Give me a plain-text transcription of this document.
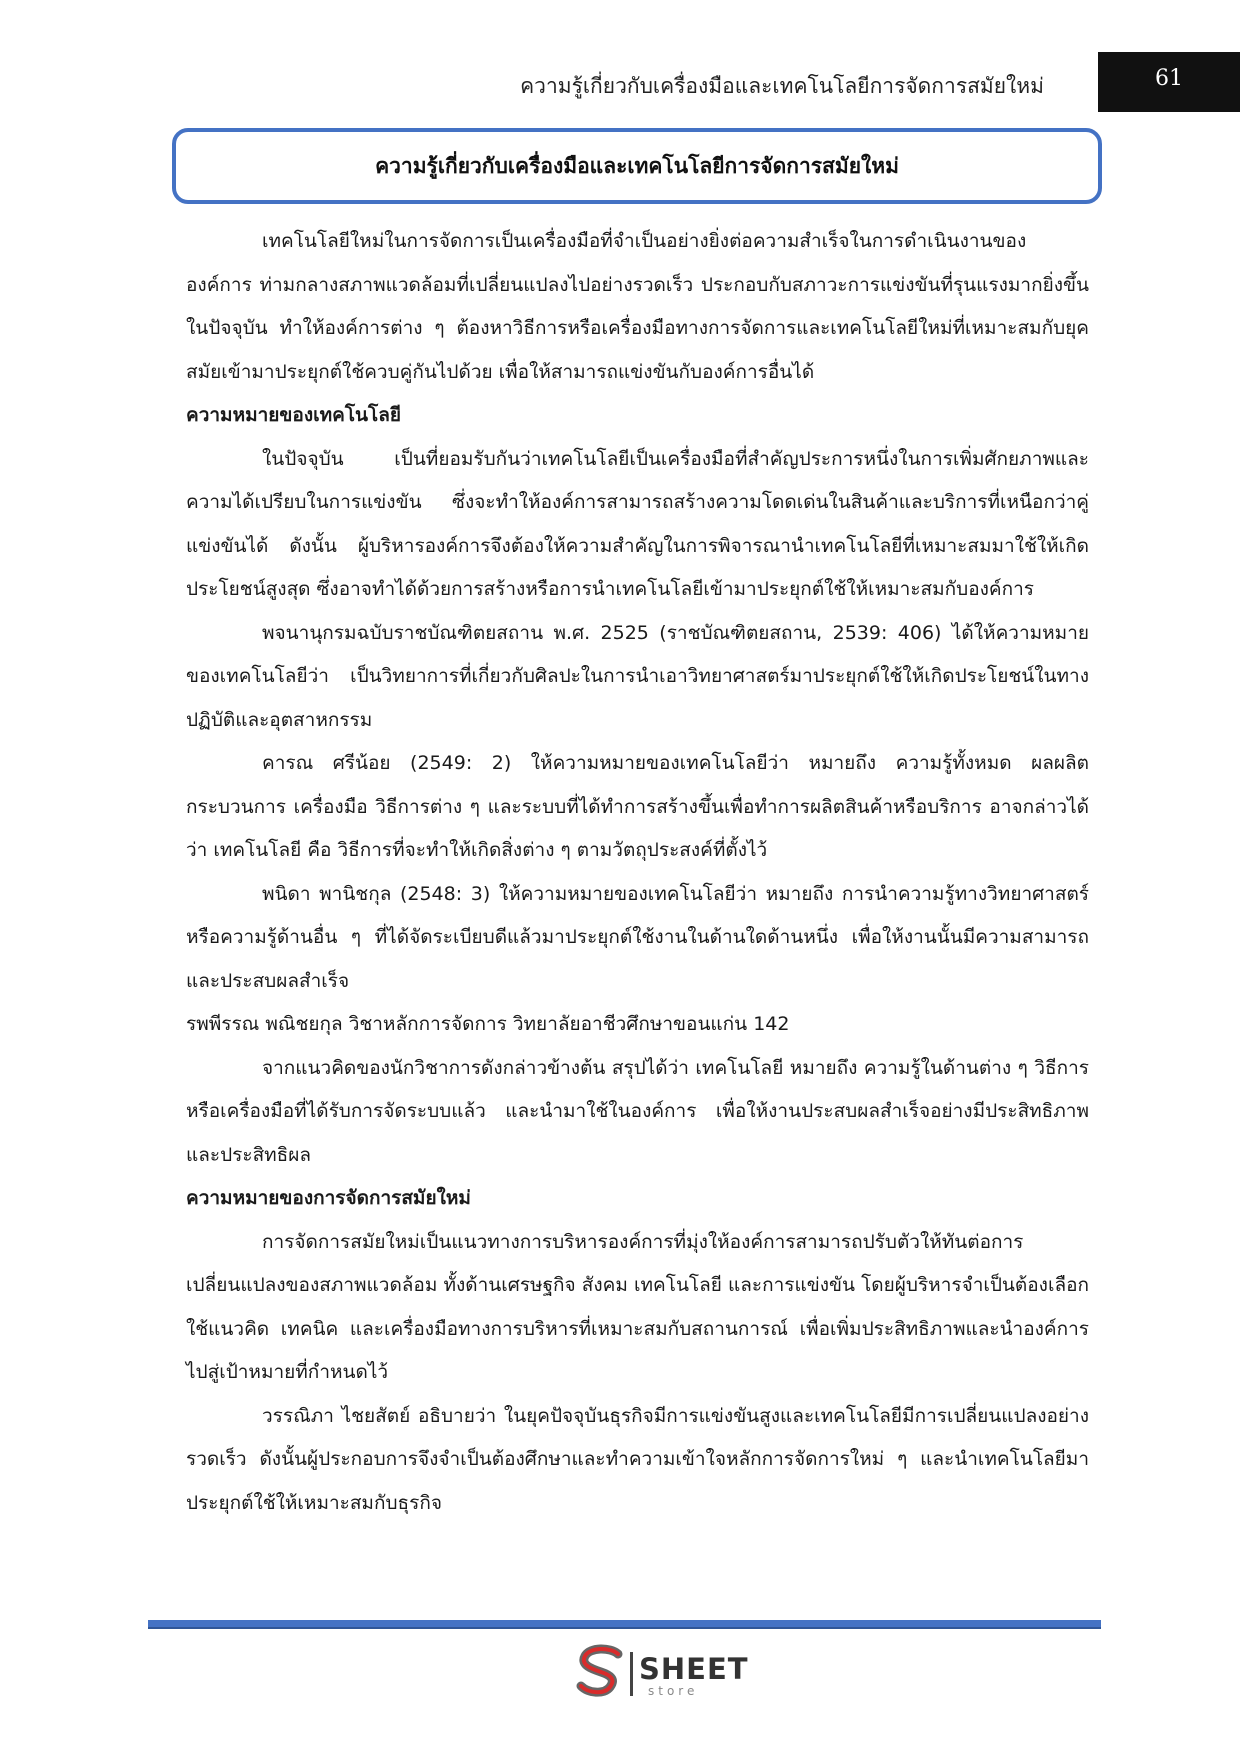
ความรู้เกี่ยวกับเครื่องมือและเทคโนโลยีการจัดการสมัยใหม่	61
ความรู้เกี่ยวกับเครื่องมือและเทคโนโลยีการจัดการสมัยใหม่

เทคโนโลยีใหม่ในการจัดการเป็นเครื่องมือที่จำเป็นอย่างยิ่งต่อความสำเร็จในการดำเนินงานขององค์การ ท่ามกลางสภาพแวดล้อมที่เปลี่ยนแปลงไปอย่างรวดเร็ว ประกอบกับสภาวะการแข่งขันที่รุนแรงมากยิ่งขึ้นในปัจจุบัน ทำให้องค์การต่าง ๆ ต้องหาวิธีการหรือเครื่องมือทางการจัดการและเทคโนโลยีใหม่ที่เหมาะสมกับยุคสมัยเข้ามาประยุกต์ใช้ควบคู่กันไปด้วย เพื่อให้สามารถแข่งขันกับองค์การอื่นได้

ความหมายของเทคโนโลยี

ในปัจจุบัน เป็นที่ยอมรับกันว่าเทคโนโลยีเป็นเครื่องมือที่สำคัญประการหนึ่งในการเพิ่มศักยภาพและความได้เปรียบในการแข่งขัน ซึ่งจะทำให้องค์การสามารถสร้างความโดดเด่นในสินค้าและบริการที่เหนือกว่าคู่แข่งขันได้ ดังนั้น ผู้บริหารองค์การจึงต้องให้ความสำคัญในการพิจารณานำเทคโนโลยีที่เหมาะสมมาใช้ให้เกิดประโยชน์สูงสุด ซึ่งอาจทำได้ด้วยการสร้างหรือการนำเทคโนโลยีเข้ามาประยุกต์ใช้ให้เหมาะสมกับองค์การ

พจนานุกรมฉบับราชบัณฑิตยสถาน พ.ศ. 2525 (ราชบัณฑิตยสถาน, 2539: 406) ได้ให้ความหมายของเทคโนโลยีว่า เป็นวิทยาการที่เกี่ยวกับศิลปะในการนำเอาวิทยาศาสตร์มาประยุกต์ใช้ให้เกิดประโยชน์ในทางปฏิบัติและอุตสาหกรรม

คารณ ศรีน้อย (2549: 2) ให้ความหมายของเทคโนโลยีว่า หมายถึง ความรู้ทั้งหมด ผลผลิต กระบวนการ เครื่องมือ วิธีการต่าง ๆ และระบบที่ได้ทำการสร้างขึ้นเพื่อทำการผลิตสินค้าหรือบริการ อาจกล่าวได้ว่า เทคโนโลยี คือ วิธีการที่จะทำให้เกิดสิ่งต่าง ๆ ตามวัตถุประสงค์ที่ตั้งไว้

พนิดา พานิชกุล (2548: 3) ให้ความหมายของเทคโนโลยีว่า หมายถึง การนำความรู้ทางวิทยาศาสตร์ หรือความรู้ด้านอื่น ๆ ที่ได้จัดระเบียบดีแล้วมาประยุกต์ใช้งานในด้านใดด้านหนึ่ง เพื่อให้งานนั้นมีความสามารถและประสบผลสำเร็จ

รพพีรรณ พณิชยกุล วิชาหลักการจัดการ วิทยาลัยอาชีวศึกษาขอนแก่น 142

จากแนวคิดของนักวิชาการดังกล่าวข้างต้น สรุปได้ว่า เทคโนโลยี หมายถึง ความรู้ในด้านต่าง ๆ วิธีการ หรือเครื่องมือที่ได้รับการจัดระบบแล้ว และนำมาใช้ในองค์การ เพื่อให้งานประสบผลสำเร็จอย่างมีประสิทธิภาพและประสิทธิผล

ความหมายของการจัดการสมัยใหม่

การจัดการสมัยใหม่เป็นแนวทางการบริหารองค์การที่มุ่งให้องค์การสามารถปรับตัวให้ทันต่อการเปลี่ยนแปลงของสภาพแวดล้อม ทั้งด้านเศรษฐกิจ สังคม เทคโนโลยี และการแข่งขัน โดยผู้บริหารจำเป็นต้องเลือกใช้แนวคิด เทคนิค และเครื่องมือทางการบริหารที่เหมาะสมกับสถานการณ์ เพื่อเพิ่มประสิทธิภาพและนำองค์การไปสู่เป้าหมายที่กำหนดไว้

วรรณิภา ไชยสัตย์ อธิบายว่า ในยุคปัจจุบันธุรกิจมีการแข่งขันสูงและเทคโนโลยีมีการเปลี่ยนแปลงอย่างรวดเร็ว ดังนั้นผู้ประกอบการจึงจำเป็นต้องศึกษาและทำความเข้าใจหลักการจัดการใหม่ ๆ และนำเทคโนโลยีมาประยุกต์ใช้ให้เหมาะสมกับธุรกิจ

SHEET
store
